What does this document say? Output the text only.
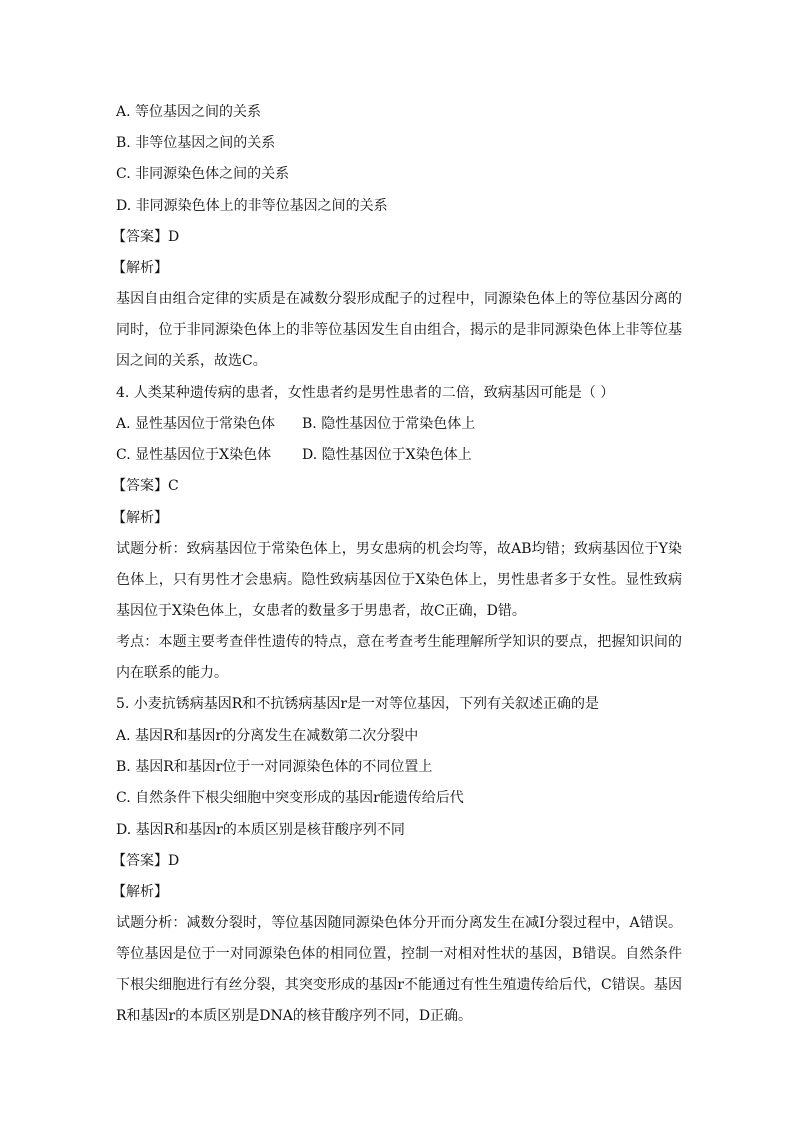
A. 等位基因之间的关系
B. 非等位基因之间的关系
C. 非同源染色体之间的关系
D. 非同源染色体上的非等位基因之间的关系
【答案】D
【解析】
基因自由组合定律的实质是在减数分裂形成配子的过程中，同源染色体上的等位基因分离的同时，位于非同源染色体上的非等位基因发生自由组合，揭示的是非同源染色体上非等位基因之间的关系，故选C。
4. 人类某种遗传病的患者，女性患者约是男性患者的二倍，致病基因可能是（ ）
A. 显性基因位于常染色体 B. 隐性基因位于常染色体上
C. 显性基因位于X染色体 D. 隐性基因位于X染色体上
【答案】C
【解析】
试题分析：致病基因位于常染色体上，男女患病的机会均等，故AB均错；致病基因位于Y染色体上，只有男性才会患病。隐性致病基因位于X染色体上，男性患者多于女性。显性致病基因位于X染色体上，女患者的数量多于男患者，故C正确，D错。
考点：本题主要考查伴性遗传的特点，意在考查考生能理解所学知识的要点，把握知识间的内在联系的能力。
5. 小麦抗锈病基因R和不抗锈病基因r是一对等位基因，下列有关叙述正确的是
A. 基因R和基因r的分离发生在减数第二次分裂中
B. 基因R和基因r位于一对同源染色体的不同位置上
C. 自然条件下根尖细胞中突变形成的基因r能遗传给后代
D. 基因R和基因r的本质区别是核苷酸序列不同
【答案】D
【解析】
试题分析：减数分裂时，等位基因随同源染色体分开而分离发生在减Ⅰ分裂过程中，A错误。等位基因是位于一对同源染色体的相同位置，控制一对相对性状的基因，B错误。自然条件下根尖细胞进行有丝分裂，其突变形成的基因r不能通过有性生殖遗传给后代，C错误。基因R和基因r的本质区别是DNA的核苷酸序列不同，D正确。
